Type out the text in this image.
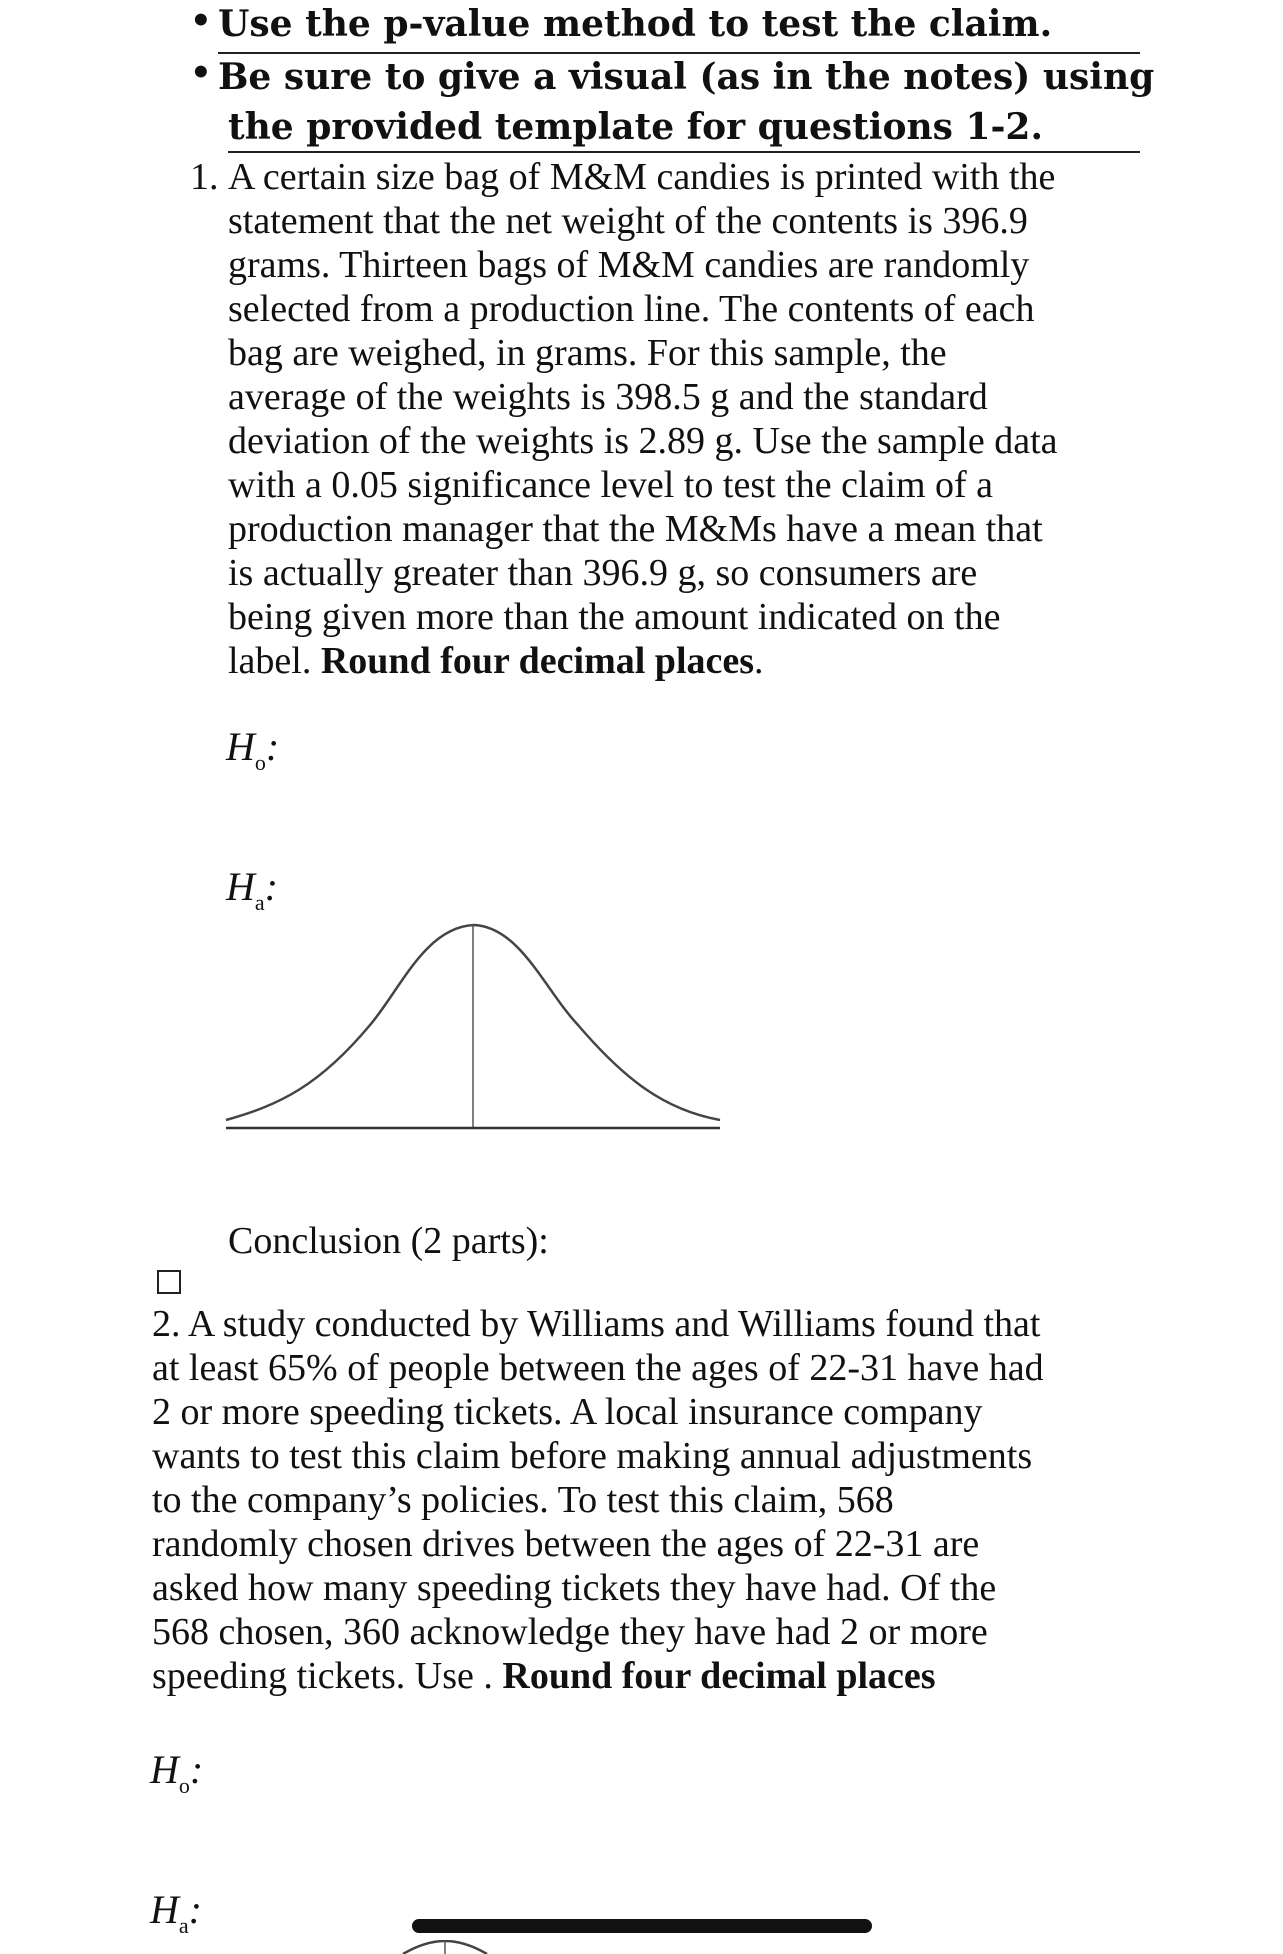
• Use the p-value method to test the claim.
• Be sure to give a visual (as in the notes) using
the provided template for questions 1-2.
1. A certain size bag of M&M candies is printed with the
statement that the net weight of the contents is 396.9
grams. Thirteen bags of M&M candies are randomly
selected from a production line. The contents of each
bag are weighed, in grams. For this sample, the
average of the weights is 398.5 g and the standard
deviation of the weights is 2.89 g. Use the sample data
with a 0.05 significance level to test the claim of a
production manager that the M&Ms have a mean that
is actually greater than 396.9 g, so consumers are
being given more than the amount indicated on the
label. Round four decimal places.
$H_o$:
$H_a$:
Conclusion (2 parts):
2. A study conducted by Williams and Williams found that
at least 65% of people between the ages of 22-31 have had
2 or more speeding tickets. A local insurance company
wants to test this claim before making annual adjustments
to the company’s policies. To test this claim, 568
randomly chosen drives between the ages of 22-31 are
asked how many speeding tickets they have had. Of the
568 chosen, 360 acknowledge they have had 2 or more
speeding tickets. Use . Round four decimal places
$H_o$:
$H_a$:
